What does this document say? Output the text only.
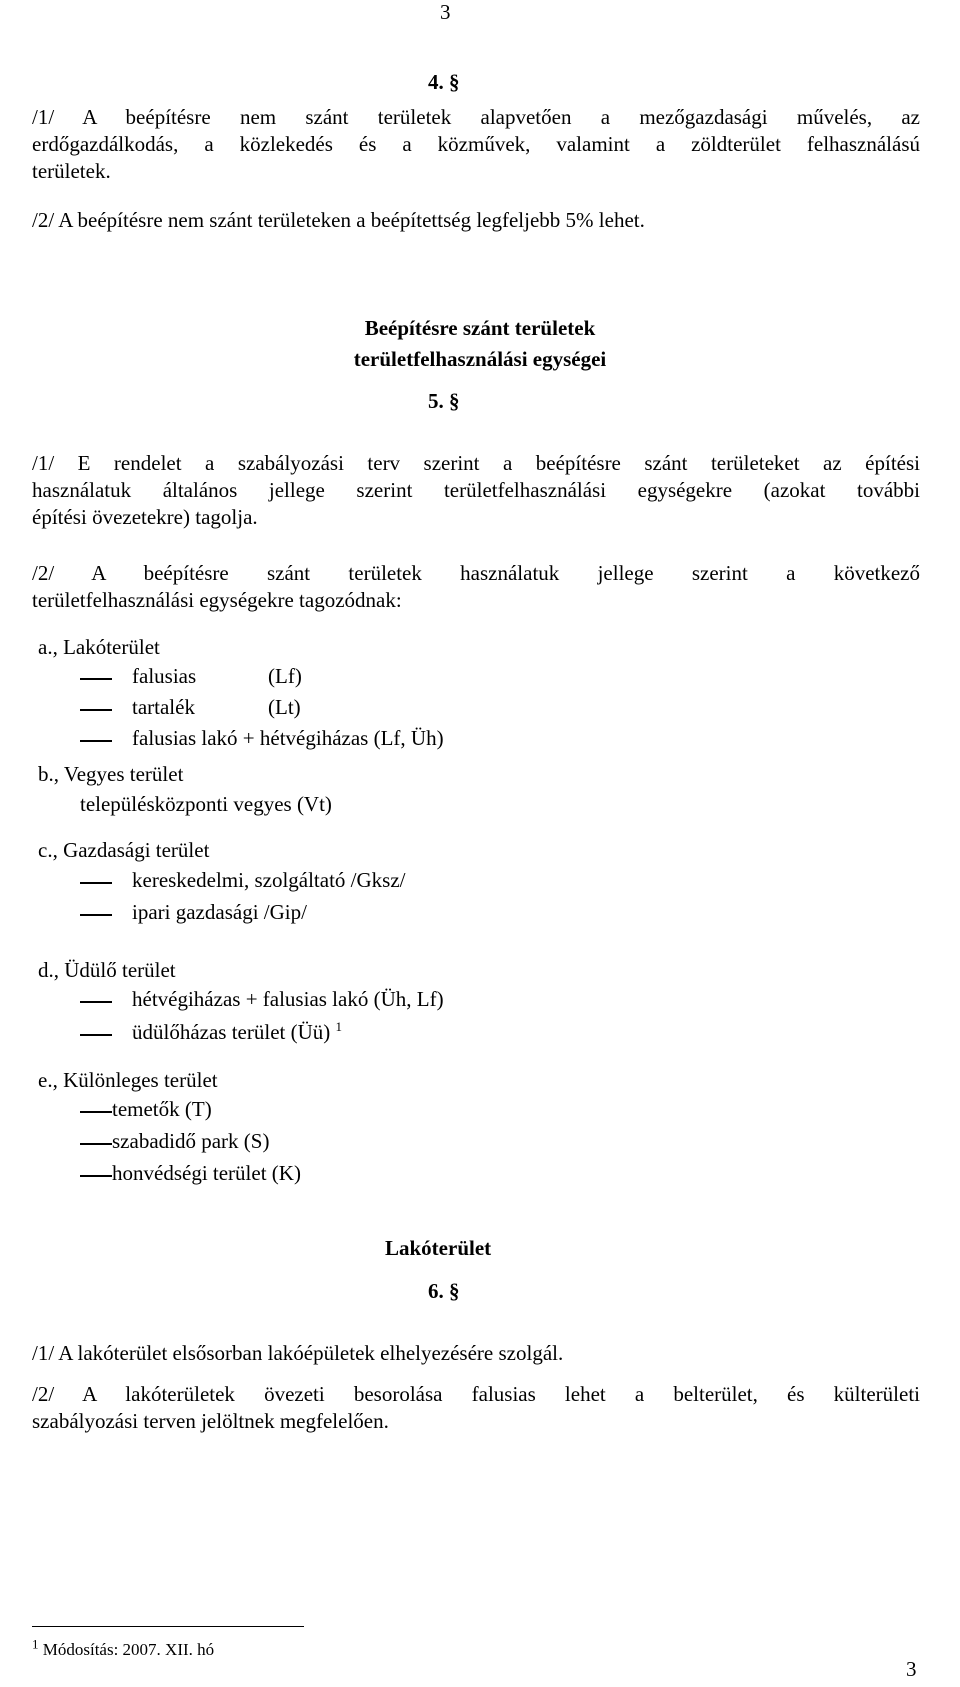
3
3
4. §
/1/ A beépítésre nem szánt területek alapvetően a mezőgazdasági művelés, az
erdőgazdálkodás, a közlekedés és a közművek, valamint a zöldterület felhasználású
területek.
/2/ A beépítésre nem szánt területeken a beépítettség legfeljebb 5% lehet.
Beépítésre szánt területek
területfelhasználási egységei
5. §
/1/ E rendelet a szabályozási terv szerint a beépítésre szánt területeket az építési
használatuk általános jellege szerint területfelhasználási egységekre (azokat további
építési övezetekre) tagolja.
/2/ A beépítésre szánt területek használatuk jellege szerint a következő
területfelhasználási egységekre tagozódnak:
a., Lakóterület
falusias	(Lf)
tartalék	(Lt)
falusias lakó + hétvégiházas (Lf, Üh)
b., Vegyes terület
településközponti vegyes (Vt)
c., Gazdasági terület
kereskedelmi, szolgáltató /Gksz/
ipari gazdasági /Gip/
d., Üdülő terület
hétvégiházas + falusias lakó (Üh, Lf)
üdülőházas terület (Üü) $^1$
e., Különleges terület
temetők (T)
szabadidő park (S)
honvédségi terület (K)
Lakóterület
6. §
/1/ A lakóterület elsősorban lakóépületek elhelyezésére szolgál.
/2/ A lakóterületek övezeti besorolása falusias lehet a belterület, és külterületi
szabályozási terven jelöltnek megfelelően.
$^1$ Módosítás: 2007. XII. hó
